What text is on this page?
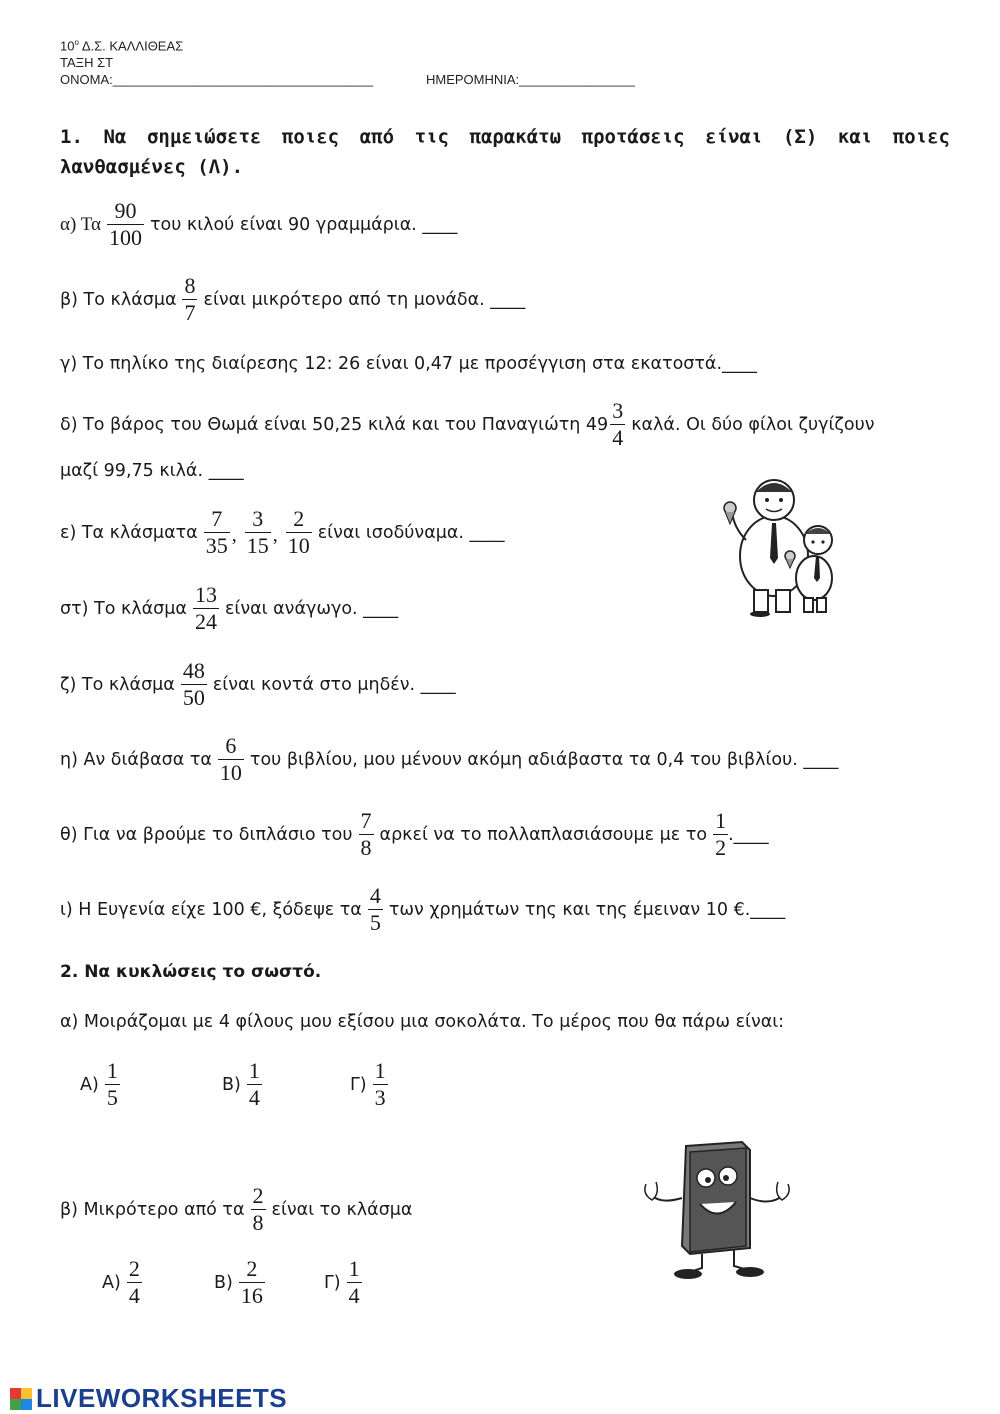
$10^o$ Δ.Σ. ΚΑΛΛΙΘΕΑΣ
ΤΑΞΗ ΣΤ
ΟΝΟΜΑ:____________________________________	ΗΜΕΡΟΜΗΝΙΑ:________________
1. Να σημειώσετε ποιες από τις παρακάτω προτάσεις είναι (Σ) και ποιες λανθασμένες (Λ).
α) Τα $\frac{90}{100}$ του κιλού είναι 90 γραμμάρια. ____
β) Το κλάσμα $\frac{8}{7}$ είναι μικρότερο από τη μονάδα. ____
γ) Το πηλίκο της διαίρεσης 12: 26 είναι 0,47 με προσέγγιση στα εκατοστά.____
δ) Το βάρος του Θωμά είναι 50,25 κιλά και του Παναγιώτη $49 \frac{3}{4} \kappa\alpha\lambda ά$. Οι δύο φίλοι ζυγίζουν
μαζί 99,75 κιλά. ____
ε) Τα κλάσματα $\frac{7}{35}$ , $\frac{3}{15}$ , $\frac{2}{10}$ είναι ισοδύναμα. ____
στ) Το κλάσμα $\frac{13}{24}$ είναι ανάγωγο. ____
ζ) Το κλάσμα $\frac{48}{50}$ είναι κοντά στο μηδέν. ____
η) Αν διάβασα τα $\frac{6}{10}$ του βιβλίου, μου μένουν ακόμη αδιάβαστα τα 0,4 του βιβλίου. ____
θ) Για να βρούμε το διπλάσιο του $\frac{7}{8}$ αρκεί να το πολλαπλασιάσουμε με το $\frac{1}{2}$ .____
ι) Η Ευγενία είχε 100 €, ξόδεψε τα $\frac{4}{5}$ των χρημάτων της και της έμειναν 10 €.____
2. Να κυκλώσεις το σωστό.
α) Μοιράζομαι με 4 φίλους μου εξίσου μια σοκολάτα. Το μέρος που θα πάρω είναι:
$A) \frac{1}{5}$	$B) \frac{1}{4}$	$\Gamma) \frac{1}{3}$
β) Μικρότερο από τα $\frac{2}{8}$ είναι το κλάσμα
$A) \frac{2}{4}$	$B) \frac{2}{16}$	$\Gamma) \frac{1}{4}$
LIVEWORKSHEETS
